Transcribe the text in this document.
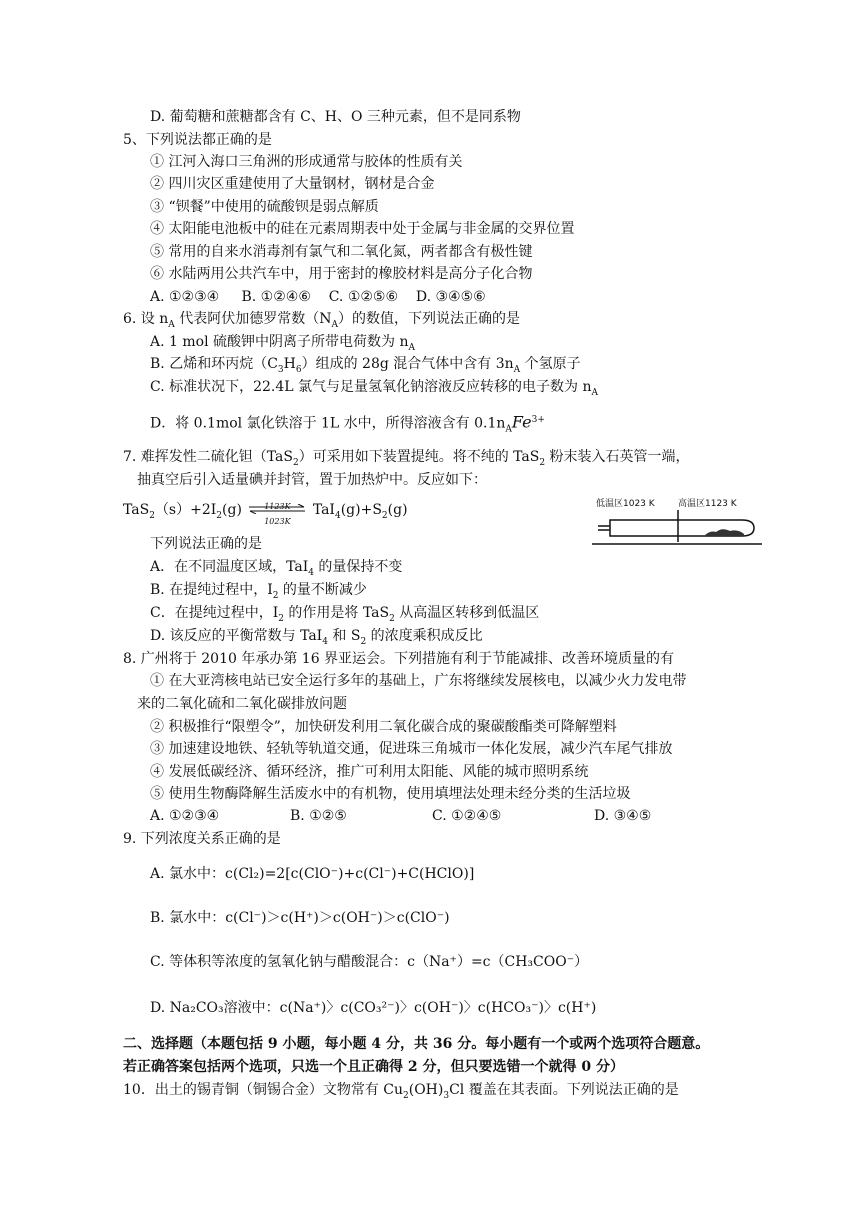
D. 葡萄糖和蔗糖都含有 C、H、O 三种元素，但不是同系物
5、下列说法都正确的是
① 江河入海口三角洲的形成通常与胶体的性质有关
② 四川灾区重建使用了大量钢材，钢材是合金
③ “钡餐”中使用的硫酸钡是弱点解质
④ 太阳能电池板中的硅在元素周期表中处于金属与非金属的交界位置
⑤ 常用的自来水消毒剂有氯气和二氧化氮，两者都含有极性键
⑥ 水陆两用公共汽车中，用于密封的橡胶材料是高分子化合物
A. ①②③④ B. ①②④⑥ C. ①②⑤⑥ D. ③④⑤⑥
6. 设 $n_A$ 代表阿伏加德罗常数$(N_A)$的数值，下列说法正确的是
A. 1 mol 硫酸钾中阴离子所带电荷数为 $n_A$
B. 乙烯和环丙烷$(C_3H_6)$组成的 28g 混合气体中含有 $3n_A$ 个氢原子
C. 标准状况下，22.4L 氯气与足量氢氧化钠溶液反应转移的电子数为 $n_A$
D．将 0.1mol 氯化铁溶于 1L 水中，所得溶液含有 $0.1n_AFe^{3+}$
7. 难挥发性二硫化钽（TaS$_2$）可采用如下装置提纯。将不纯的 TaS$_2$ 粉末装入石英管一端，
抽真空后引入适量碘并封管，置于加热炉中。反应如下：
$TaS_2(s)+2I_2(g)$	1123K
1023K
$TaI_4(g)+S_2(g)$	低温区1023 K	高温区1123 K
下列说法正确的是
A．在不同温度区域，TaI$_4$ 的量保持不变
B. 在提纯过程中，$I_2$ 的量不断减少
C．在提纯过程中，$I_2$ 的作用是将 TaS$_2$ 从高温区转移到低温区
D. 该反应的平衡常数与 TaI$_4$ 和 $S_2$ 的浓度乘积成反比
8. 广州将于 2010 年承办第 16 界亚运会。下列措施有利于节能减排、改善环境质量的有
① 在大亚湾核电站已安全运行多年的基础上，广东将继续发展核电，以减少火力发电带
来的二氧化硫和二氧化碳排放问题
② 积极推行“限塑令”，加快研发利用二氧化碳合成的聚碳酸酯类可降解塑料
③ 加速建设地铁、轻轨等轨道交通，促进珠三角城市一体化发展，减少汽车尾气排放
④ 发展低碳经济、循环经济，推广可利用太阳能、风能的城市照明系统
⑤ 使用生物酶降解生活废水中的有机物，使用填埋法处理未经分类的生活垃圾
A. ①②③④	B. ①②⑤	C. ①②④⑤	D. ③④⑤
9. 下列浓度关系正确的是
A. 氯水中：c(Cl₂)=2[c(ClO⁻)+c(Cl⁻)+C(HClO)]
B. 氯水中：c(Cl⁻)＞c(H⁺)＞c(OH⁻)＞c(ClO⁻)
C. 等体积等浓度的氢氧化钠与醋酸混合：c（Na⁺）=c（CH₃COO⁻）
D. Na₂CO₃溶液中：c(Na⁺)〉c(CO₃²⁻)〉c(OH⁻)〉c(HCO₃⁻)〉c(H⁺)
二、选择题（本题包括 9 小题，每小题 4 分，共 36 分。每小题有一个或两个选项符合题意。
若正确答案包括两个选项，只选一个且正确得 2 分，但只要选错一个就得 0 分）
10．出土的锡青铜（铜锡合金）文物常有 $Cu_2(OH)_3Cl$ 覆盖在其表面。下列说法正确的是
